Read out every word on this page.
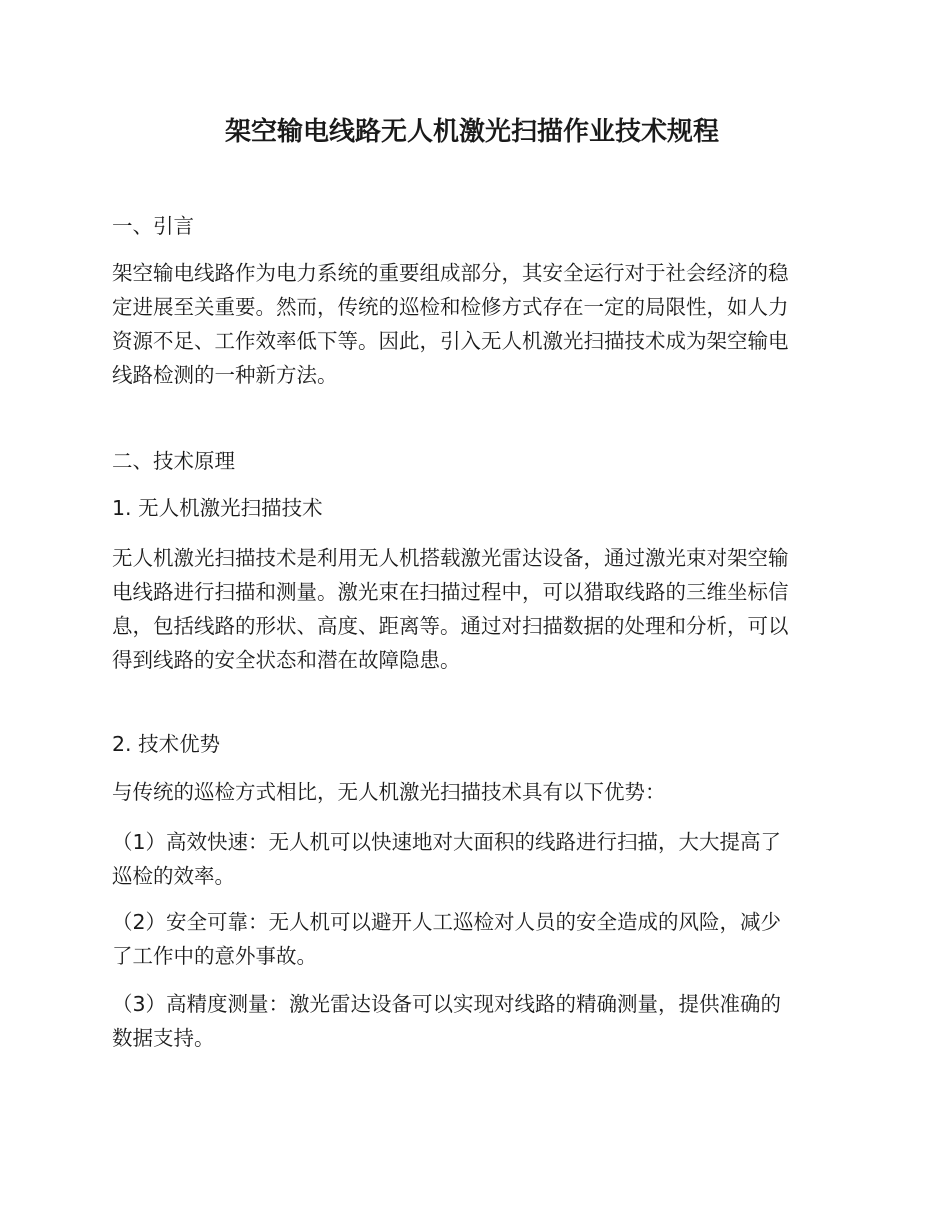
架空输电线路无人机激光扫描作业技术规程
一、引言
架空输电线路作为电力系统的重要组成部分，其安全运行对于社会经济的稳
定进展至关重要。然而，传统的巡检和检修方式存在一定的局限性，如人力
资源不足、工作效率低下等。因此，引入无人机激光扫描技术成为架空输电
线路检测的一种新方法。
二、技术原理
1. 无人机激光扫描技术
无人机激光扫描技术是利用无人机搭载激光雷达设备，通过激光束对架空输
电线路进行扫描和测量。激光束在扫描过程中，可以猎取线路的三维坐标信
息，包括线路的形状、高度、距离等。通过对扫描数据的处理和分析，可以
得到线路的安全状态和潜在故障隐患。
2. 技术优势
与传统的巡检方式相比，无人机激光扫描技术具有以下优势：
（1）高效快速：无人机可以快速地对大面积的线路进行扫描，大大提高了
巡检的效率。
（2）安全可靠：无人机可以避开人工巡检对人员的安全造成的风险，减少
了工作中的意外事故。
（3）高精度测量：激光雷达设备可以实现对线路的精确测量，提供准确的
数据支持。
